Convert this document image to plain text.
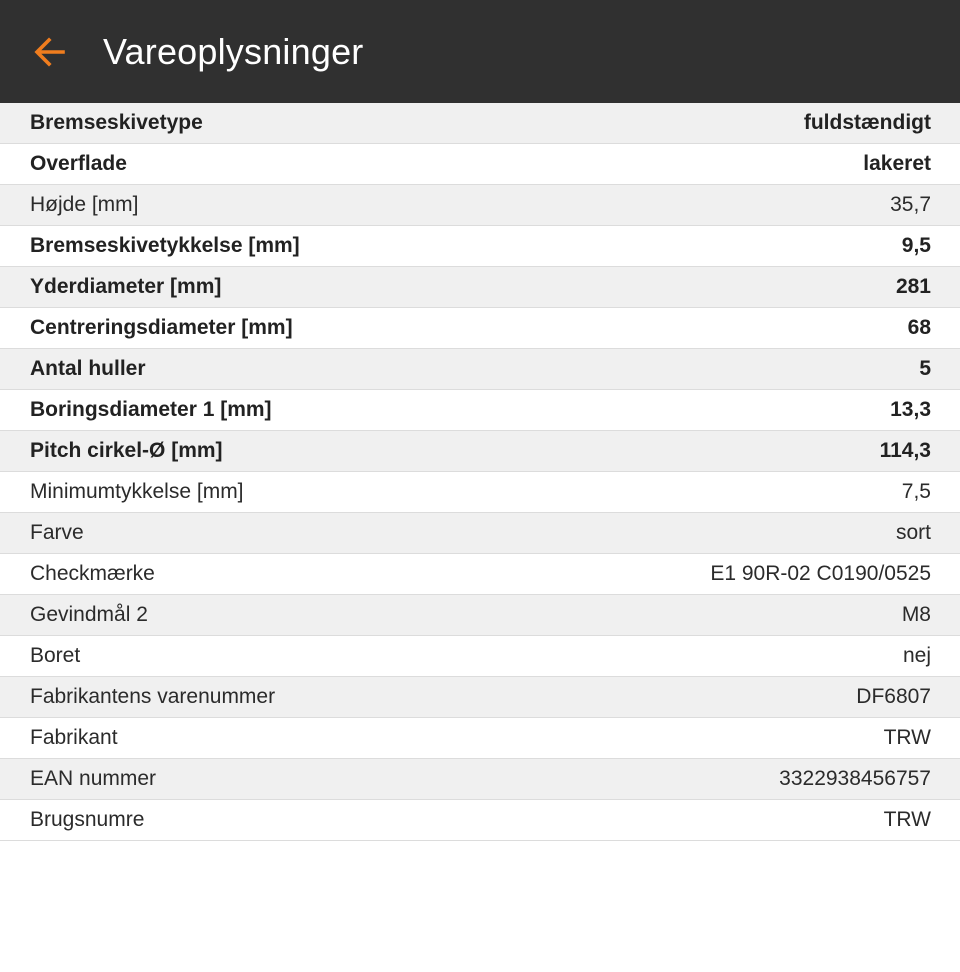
Vareoplysninger
Bremseskivetype	fuldstændigt
Overflade	lakeret
Højde [mm]	35,7
Bremseskivetykkelse [mm]	9,5
Yderdiameter [mm]	281
Centreringsdiameter [mm]	68
Antal huller	5
Boringsdiameter 1 [mm]	13,3
Pitch cirkel-Ø [mm]	114,3
Minimumtykkelse [mm]	7,5
Farve	sort
Checkmærke	E1 90R-02 C0190/0525
Gevindmål 2	M8
Boret	nej
Fabrikantens varenummer	DF6807
Fabrikant	TRW
EAN nummer	3322938456757
Brugsnumre	TRW
